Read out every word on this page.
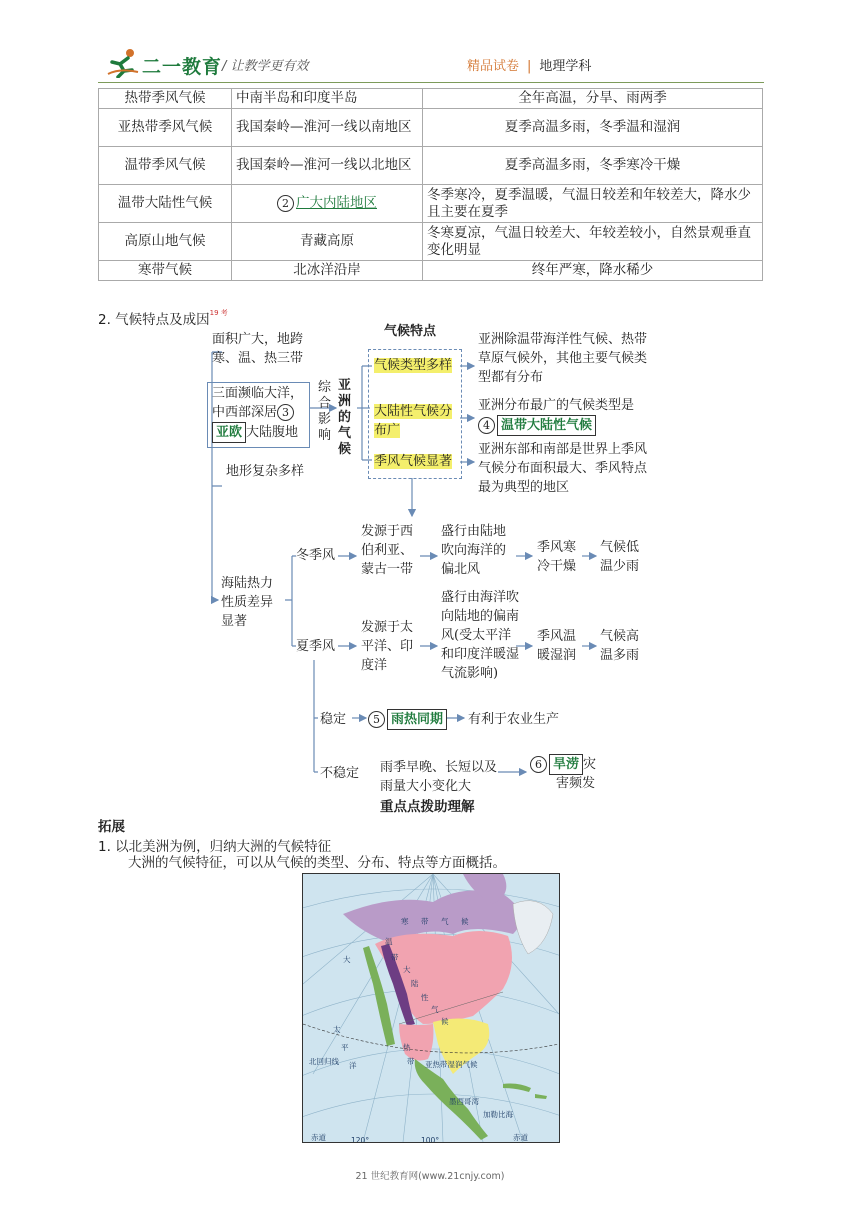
二一教育 / 让教学更有效	精品试卷 | 地理学科
热带季风气候	中南半岛和印度半岛	全年高温，分旱、雨两季
亚热带季风气候	我国秦岭—淮河一线以南地区	夏季高温多雨，冬季温和湿润
温带季风气候	我国秦岭—淮河一线以北地区	夏季高温多雨，冬季寒冷干燥
温带大陆性气候	2 广大内陆地区	冬季寒冷，夏季温暖，气温日较差和年较差大，降水少且主要在夏季
高原山地气候	青藏高原	冬寒夏凉，气温日较差大、年较差较小，自然景观垂直变化明显
寒带气候	北冰洋沿岸	终年严寒，降水稀少
2. 气候特点及成因$^{19 考}$
面积广大，地跨寒、温、热三带
三面濒临大洋，中西部深居 3亚欧 大陆腹地
地形复杂多样
综合影响
亚洲的气候
气候特点
气候类型多样
大陆性气候分布广
季风气候显著
亚洲除温带海洋性气候、热带草原气候外，其他主要气候类型都有分布
亚洲分布最广的气候类型是
4 温带大陆性气候
亚洲东部和南部是世界上季风气候分布面积最大、季风特点最为典型的地区
海陆热力性质差异显著
冬季风
发源于西伯利亚、蒙古一带
盛行由陆地吹向海洋的偏北风
季风寒冷干燥
气候低温少雨
夏季风
发源于太平洋、印度洋
盛行由海洋吹向陆地的偏南风(受太平洋和印度洋暖湿气流影响)
季风温暖湿润
气候高温多雨
稳定	5 雨热同期	有利于农业生产
不稳定 雨季早晚、长短以及雨量大小变化大
6 旱涝 灾
害频发
重点点拨助理解
拓展
1. 以北美洲为例，归纳大洲的气候特征
大洲的气候特征，可以从气候的类型、分布、特点等方面概括。
寒 带 气 候
温
带
大
陆
性
气
候
热
带 亚热带湿润气候
墨西哥湾
加勒比海
北回归线
赤道	赤道
120°	100°
太
平
洋
大
21 世纪教育网(www.21cnjy.com)
